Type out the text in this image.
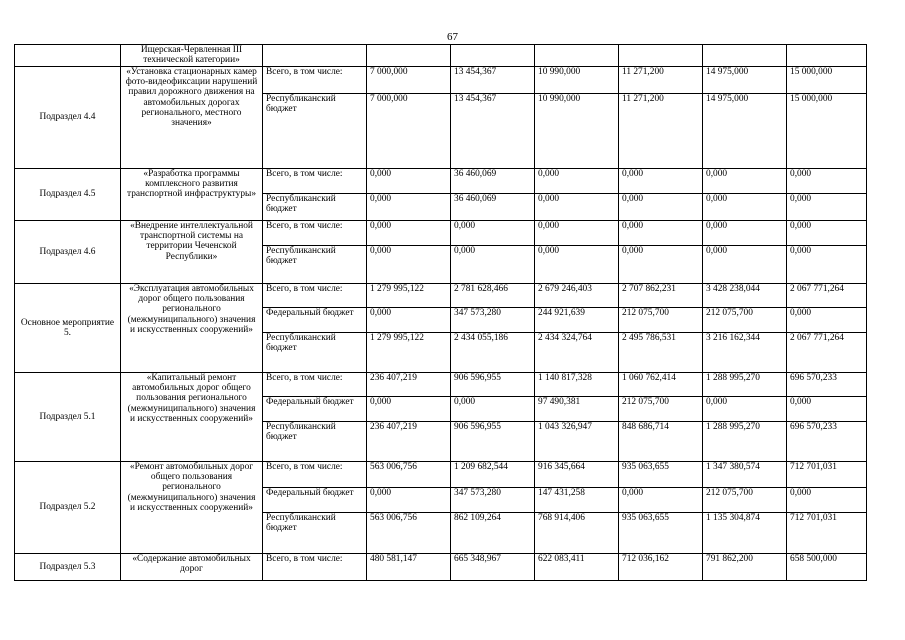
67
	Ищерская-Червленная III технической категории»							
Подраздел 4.4	«Установка стационарных камер фото-видеофиксации нарушений правил дорожного движения на автомобильных дорогах регионального, местного значения»	Всего, в том числе:	7 000,000	13 454,367	10 990,000	11 271,200	14 975,000	15 000,000
		Республиканский бюджет	7 000,000	13 454,367	10 990,000	11 271,200	14 975,000	15 000,000
Подраздел 4.5	«Разработка программы комплексного развития транспортной инфраструктуры»	Всего, в том числе:	0,000	36 460,069	0,000	0,000	0,000	0,000
		Республиканский бюджет	0,000	36 460,069	0,000	0,000	0,000	0,000
Подраздел 4.6	«Внедрение интеллектуальной транспортной системы на территории Чеченской Республики»	Всего, в том числе:	0,000	0,000	0,000	0,000	0,000	0,000
		Республиканский бюджет	0,000	0,000	0,000	0,000	0,000	0,000
Основное мероприятие 5.	«Эксплуатация автомобильных дорог общего пользования регионального (межмуниципального) значения и искусственных сооружений»	Всего, в том числе:	1 279 995,122	2 781 628,466	2 679 246,403	2 707 862,231	3 428 238,044	2 067 771,264
		Федеральный бюджет	0,000	347 573,280	244 921,639	212 075,700	212 075,700	0,000
		Республиканский бюджет	1 279 995,122	2 434 055,186	2 434 324,764	2 495 786,531	3 216 162,344	2 067 771,264
Подраздел 5.1	«Капитальный ремонт автомобильных дорог общего пользования регионального (межмуниципального) значения и искусственных сооружений»	Всего, в том числе:	236 407,219	906 596,955	1 140 817,328	1 060 762,414	1 288 995,270	696 570,233
		Федеральный бюджет	0,000	0,000	97 490,381	212 075,700	0,000	0,000
		Республиканский бюджет	236 407,219	906 596,955	1 043 326,947	848 686,714	1 288 995,270	696 570,233
Подраздел 5.2	«Ремонт автомобильных дорог общего пользования регионального (межмуниципального) значения и искусственных сооружений»	Всего, в том числе:	563 006,756	1 209 682,544	916 345,664	935 063,655	1 347 380,574	712 701,031
		Федеральный бюджет	0,000	347 573,280	147 431,258	0,000	212 075,700	0,000
		Республиканский бюджет	563 006,756	862 109,264	768 914,406	935 063,655	1 135 304,874	712 701,031
Подраздел 5.3	«Содержание автомобильных дорог	Всего, в том числе:	480 581,147	665 348,967	622 083,411	712 036,162	791 862,200	658 500,000
